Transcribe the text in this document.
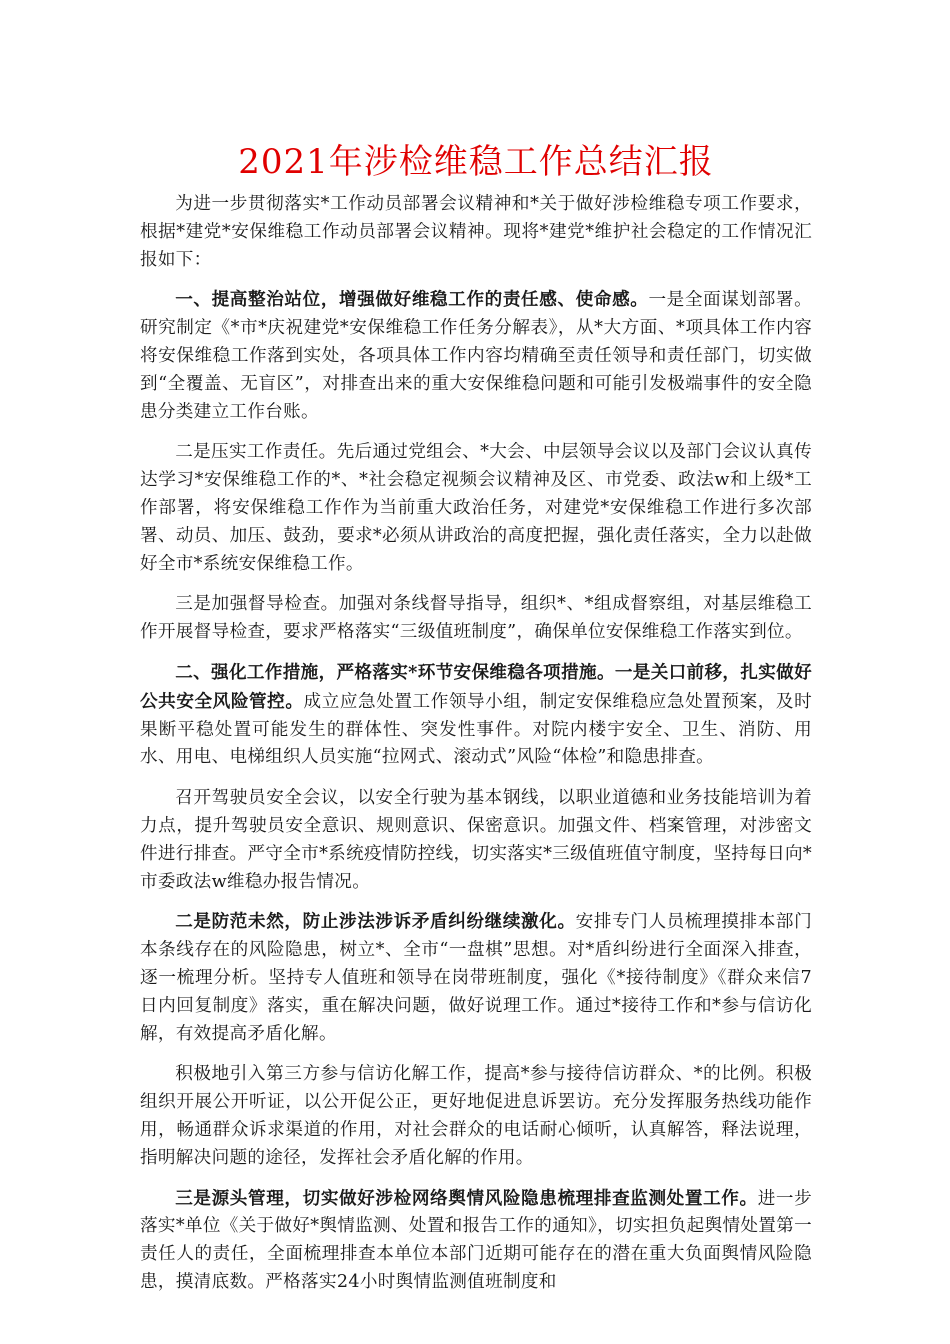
2021年涉检维稳工作总结汇报

为进一步贯彻落实*工作动员部署会议精神和*关于做好涉检维稳专项工作要求，根据*建党*安保维稳工作动员部署会议精神。现将*建党*维护社会稳定的工作情况汇报如下：

一、提高整治站位，增强做好维稳工作的责任感、使命感。一是全面谋划部署。研究制定《*市*庆祝建党*安保维稳工作任务分解表》，从*大方面、*项具体工作内容将安保维稳工作落到实处，各项具体工作内容均精确至责任领导和责任部门，切实做到“全覆盖、无盲区”，对排查出来的重大安保维稳问题和可能引发极端事件的安全隐患分类建立工作台账。

二是压实工作责任。先后通过党组会、*大会、中层领导会议以及部门会议认真传达学习*安保维稳工作的*、*社会稳定视频会议精神及区、市党委、政法w和上级*工作部署，将安保维稳工作作为当前重大政治任务，对建党*安保维稳工作进行多次部署、动员、加压、鼓劲，要求*必须从讲政治的高度把握，强化责任落实，全力以赴做好全市*系统安保维稳工作。

三是加强督导检查。加强对条线督导指导，组织*、*组成督察组，对基层维稳工作开展督导检查，要求严格落实“三级值班制度”，确保单位安保维稳工作落实到位。

二、强化工作措施，严格落实*环节安保维稳各项措施。一是关口前移，扎实做好公共安全风险管控。成立应急处置工作领导小组，制定安保维稳应急处置预案，及时果断平稳处置可能发生的群体性、突发性事件。对院内楼宇安全、卫生、消防、用水、用电、电梯组织人员实施“拉网式、滚动式”风险“体检”和隐患排查。

召开驾驶员安全会议，以安全行驶为基本钢线，以职业道德和业务技能培训为着力点，提升驾驶员安全意识、规则意识、保密意识。加强文件、档案管理，对涉密文件进行排查。严守全市*系统疫情防控线，切实落实*三级值班值守制度，坚持每日向*市委政法w维稳办报告情况。

二是防范未然，防止涉法涉诉矛盾纠纷继续激化。安排专门人员梳理摸排本部门本条线存在的风险隐患，树立*、全市“一盘棋”思想。对*盾纠纷进行全面深入排查，逐一梳理分析。坚持专人值班和领导在岗带班制度，强化《*接待制度》《群众来信7日内回复制度》落实，重在解决问题，做好说理工作。通过*接待工作和*参与信访化解，有效提高矛盾化解。

积极地引入第三方参与信访化解工作，提高*参与接待信访群众、*的比例。积极组织开展公开听证，以公开促公正，更好地促进息诉罢访。充分发挥服务热线功能作用，畅通群众诉求渠道的作用，对社会群众的电话耐心倾听，认真解答，释法说理，指明解决问题的途径，发挥社会矛盾化解的作用。

三是源头管理，切实做好涉检网络舆情风险隐患梳理排查监测处置工作。进一步落实*单位《关于做好*舆情监测、处置和报告工作的通知》，切实担负起舆情处置第一责任人的责任，全面梳理排查本单位本部门近期可能存在的潜在重大负面舆情风险隐患，摸清底数。严格落实24小时舆情监测值班制度和
